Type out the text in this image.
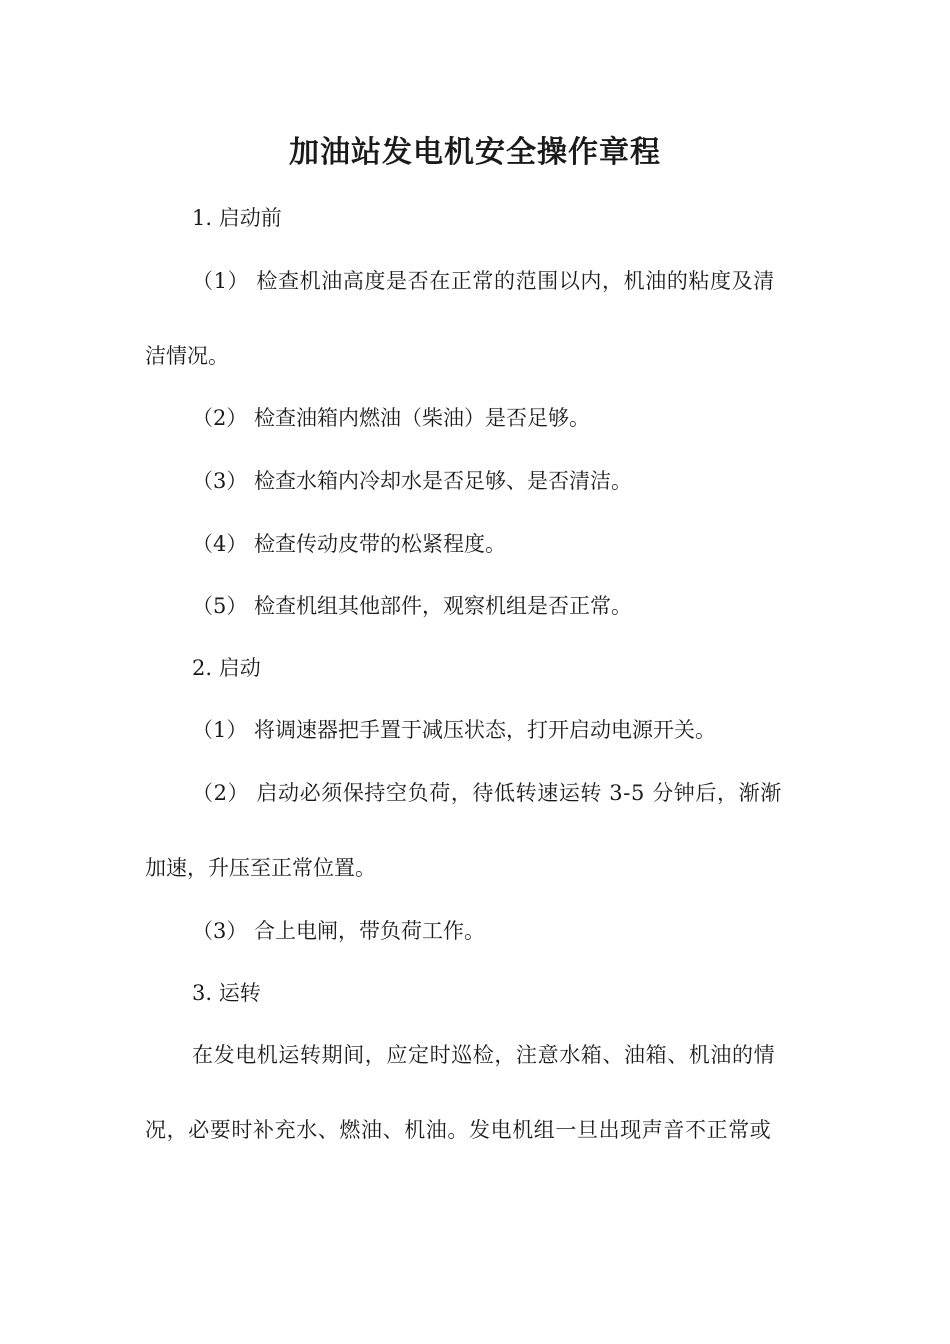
加油站发电机安全操作章程

1. 启动前

（1） 检查机油高度是否在正常的范围以内，机油的粘度及清

洁情况。

（2） 检查油箱内燃油（柴油）是否足够。

（3） 检查水箱内冷却水是否足够、是否清洁。

（4） 检查传动皮带的松紧程度。

（5） 检查机组其他部件，观察机组是否正常。

2. 启动

（1） 将调速器把手置于减压状态，打开启动电源开关。

（2） 启动必须保持空负荷，待低转速运转 3-5 分钟后，渐渐

加速，升压至正常位置。

（3） 合上电闸，带负荷工作。

3. 运转

在发电机运转期间，应定时巡检，注意水箱、油箱、机油的情

况，必要时补充水、燃油、机油。发电机组一旦出现声音不正常或
